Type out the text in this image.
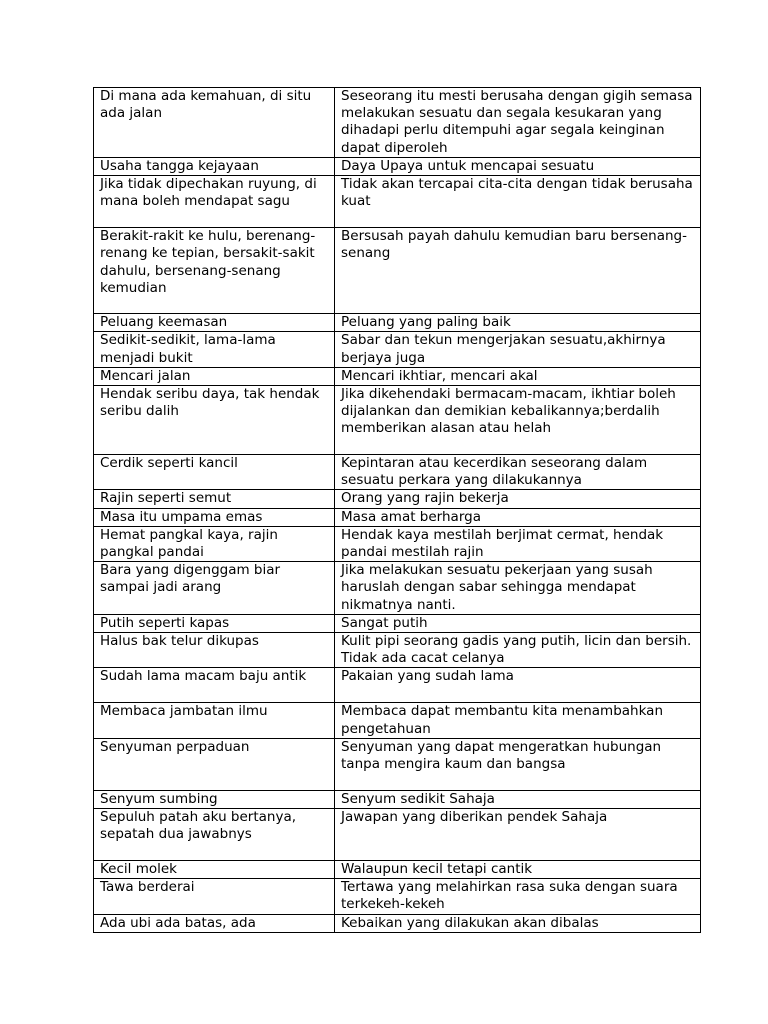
Di mana ada kemahuan, di situ ada jalan	Seseorang itu mesti berusaha dengan gigih semasa melakukan sesuatu dan segala kesukaran yang dihadapi perlu ditempuhi agar segala keinginan dapat diperoleh
Usaha tangga kejayaan	Daya Upaya untuk mencapai sesuatu
Jika tidak dipechakan ruyung, di mana boleh mendapat sagu	Tidak akan tercapai cita-cita dengan tidak berusaha kuat
Berakit-rakit ke hulu, berenang-renang ke tepian, bersakit-sakit dahulu, bersenang-senang kemudian	Bersusah payah dahulu kemudian baru bersenang-senang
Peluang keemasan	Peluang yang paling baik
Sedikit-sedikit, lama-lama menjadi bukit	Sabar dan tekun mengerjakan sesuatu,akhirnya berjaya juga
Mencari jalan	Mencari ikhtiar, mencari akal
Hendak seribu daya, tak hendak seribu dalih	Jika dikehendaki bermacam-macam, ikhtiar boleh dijalankan dan demikian kebalikannya;berdalih memberikan alasan atau helah
Cerdik seperti kancil	Kepintaran atau kecerdikan seseorang dalam sesuatu perkara yang dilakukannya
Rajin seperti semut	Orang yang rajin bekerja
Masa itu umpama emas	Masa amat berharga
Hemat pangkal kaya, rajin pangkal pandai	Hendak kaya mestilah berjimat cermat, hendak pandai mestilah rajin
Bara yang digenggam biar sampai jadi arang	Jika melakukan sesuatu pekerjaan yang susah haruslah dengan sabar sehingga mendapat nikmatnya nanti.
Putih seperti kapas	Sangat putih
Halus bak telur dikupas	Kulit pipi seorang gadis yang putih, licin dan bersih. Tidak ada cacat celanya
Sudah lama macam baju antik	Pakaian yang sudah lama
Membaca jambatan ilmu	Membaca dapat membantu kita menambahkan pengetahuan
Senyuman perpaduan	Senyuman yang dapat mengeratkan hubungan tanpa mengira kaum dan bangsa
Senyum sumbing	Senyum sedikit Sahaja
Sepuluh patah aku bertanya, sepatah dua jawabnys	Jawapan yang diberikan pendek Sahaja
Kecil molek	Walaupun kecil tetapi cantik
Tawa berderai	Tertawa yang melahirkan rasa suka dengan suara terkekeh-kekeh
Ada ubi ada batas, ada	Kebaikan yang dilakukan akan dibalas
